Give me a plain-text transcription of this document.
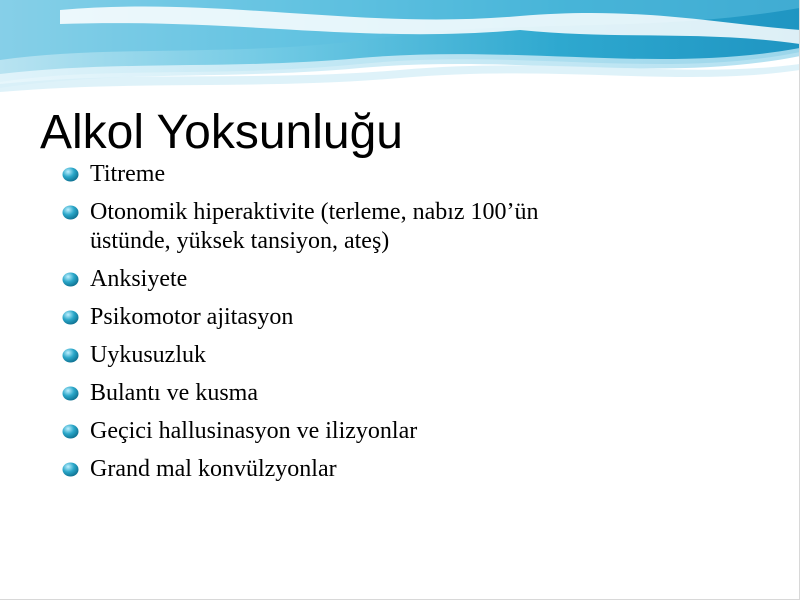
Alkol Yoksunluğu
Titreme
Otonomik hiperaktivite (terleme, nabız 100’ün
üstünde, yüksek tansiyon, ateş)
Anksiyete
Psikomotor ajitasyon
Uykusuzluk
Bulantı ve kusma
Geçici hallusinasyon ve ilizyonlar
Grand mal konvülzyonlar
